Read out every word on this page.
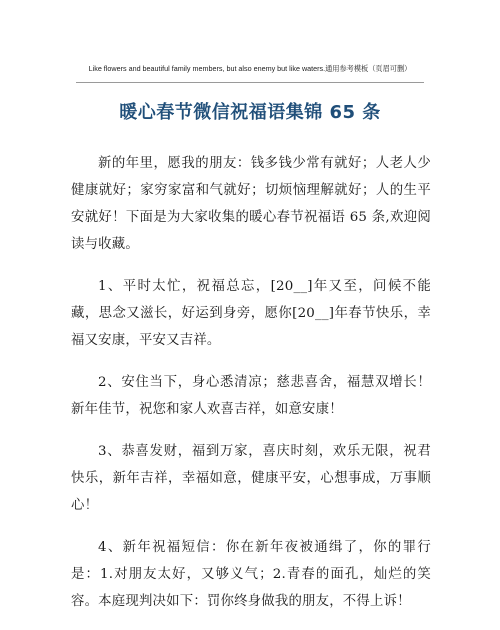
Like flowers and beautiful family members, but also enemy but like waters.通用参考模板（页眉可删）
暖心春节微信祝福语集锦 65 条

新的年里，愿我的朋友：钱多钱少常有就好；人老人少健康就好；家穷家富和气就好；切烦恼理解就好；人的生平安就好！下面是为大家收集的暖心春节祝福语 65 条,欢迎阅读与收藏。

1、平时太忙，祝福总忘，[20__]年又至，问候不能藏，思念又滋长，好运到身旁，愿你[20__]年春节快乐，幸福又安康，平安又吉祥。

2、安住当下，身心悉清凉；慈悲喜舍，福慧双增长！新年佳节，祝您和家人欢喜吉祥，如意安康！

3、恭喜发财，福到万家，喜庆时刻，欢乐无限，祝君快乐，新年吉祥，幸福如意，健康平安，心想事成，万事顺心！

4、新年祝福短信：你在新年夜被通缉了，你的罪行是：1.对朋友太好，又够义气；2.青春的面孔，灿烂的笑容。本庭现判决如下：罚你终身做我的朋友，不得上诉！
